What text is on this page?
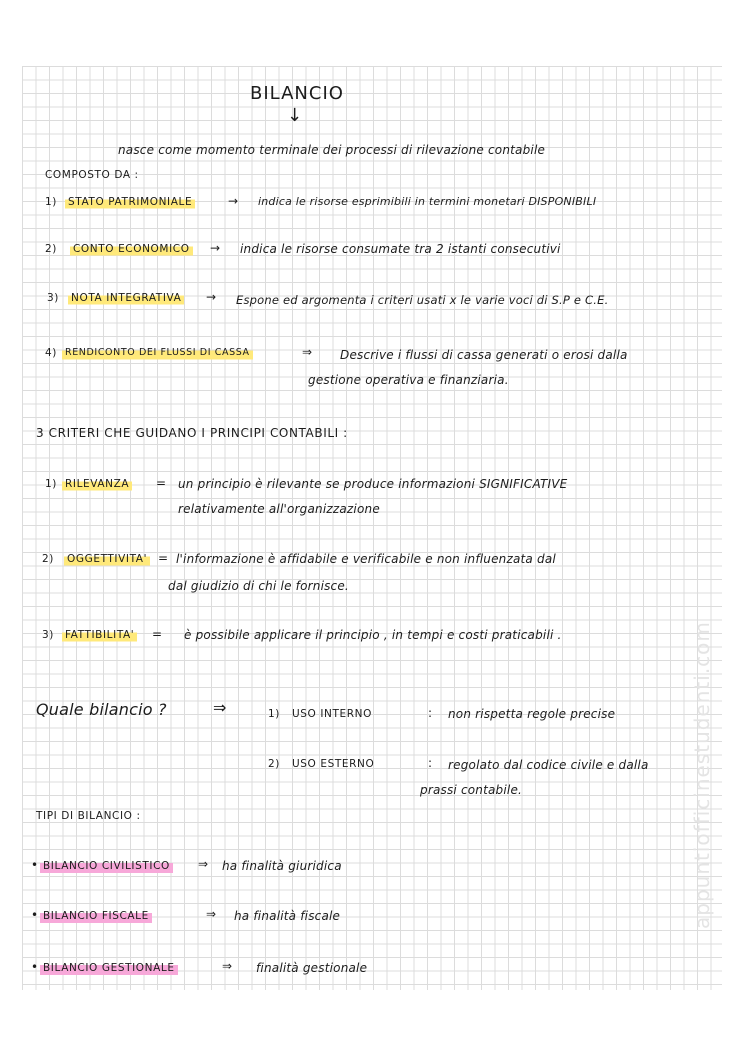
BILANCIO
↓
nasce come momento terminale dei processi di rilevazione contabile
COMPOSTO DA :
1) STATO PATRIMONIALE	→ indica le risorse esprimibili in termini monetari DISPONIBILI
2) CONTO ECONOMICO → indica le risorse consumate tra 2 istanti consecutivi
3) NOTA INTEGRATIVA → Espone ed argomenta i criteri usati x le varie voci di S.P e C.E.
4) RENDICONTO DEI FLUSSI DI CASSA	⇒ Descrive i flussi di cassa generati o erosi dalla
gestione operativa e finanziaria.
3 CRITERI CHE GUIDANO I PRINCIPI CONTABILI :
1) RILEVANZA = un principio è rilevante se produce informazioni SIGNIFICATIVE
relativamente all'organizzazione
2) OGGETTIVITA' = l'informazione è affidabile e verificabile e non influenzata dal
dal giudizio di chi le fornisce.
3) FATTIBILITA' = è possibile applicare il principio , in tempi e costi praticabili .
Quale bilancio ?	⇒	1) USO INTERNO	: non rispetta regole precise
2) USO ESTERNO	: regolato dal codice civile e dalla
prassi contabile.
TIPI DI BILANCIO :
• BILANCIO CIVILISTICO ⇒ ha finalità giuridica
• BILANCIO FISCALE	⇒ ha finalità fiscale
• BILANCIO GESTIONALE	⇒ finalità gestionale
appuntiofficinestudenti.com
